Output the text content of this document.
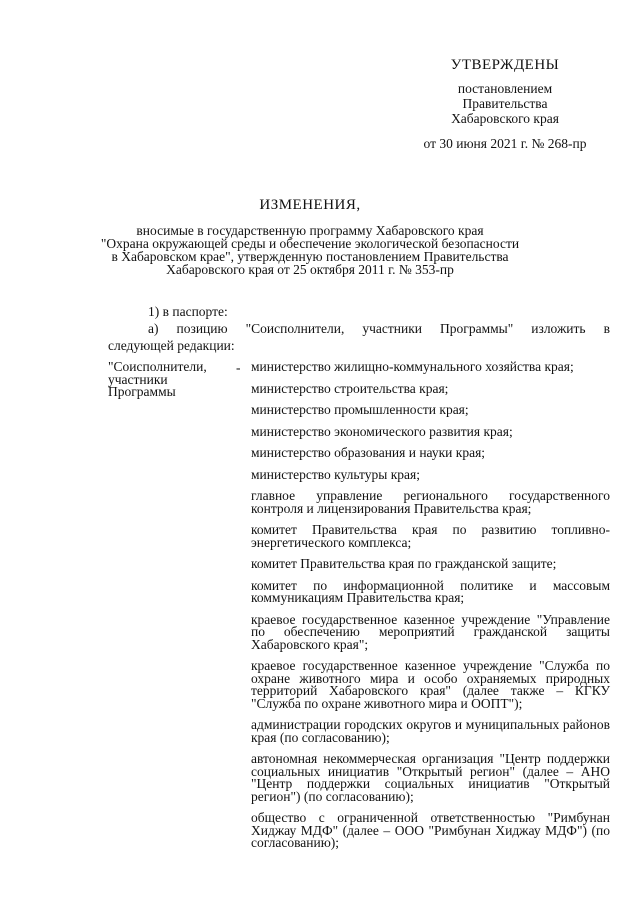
УТВЕРЖДЕНЫ
постановлением
Правительства
Хабаровского края
от 30 июня 2021 г. № 268-пр
ИЗМЕНЕНИЯ,
вносимые в государственную программу Хабаровского края
"Охрана окружающей среды и обеспечение экологической безопасности
в Хабаровском крае", утвержденную постановлением Правительства
Хабаровского края от 25 октября 2011 г. № 353-пр
1) в паспорте:
а) позицию "Соисполнители, участники Программы" изложить в
следующей редакции:
"Соисполнители,
участники
Программы
- министерство жилищно-коммунального хозяйства края;
министерство строительства края;
министерство промышленности края;
министерство экономического развития края;
министерство образования и науки края;
министерство культуры края;
главное управление регионального государственного контроля и лицензирования Правительства края;
комитет Правительства края по развитию топливно-энергетического комплекса;
комитет Правительства края по гражданской защите;
комитет по информационной политике и массовым коммуникациям Правительства края;
краевое государственное казенное учреждение "Управление по обеспечению мероприятий гражданской защиты Хабаровского края";
краевое государственное казенное учреждение "Служба по охране животного мира и особо охраняемых природных территорий Хабаровского края" (далее также – КГКУ "Служба по охране животного мира и ООПТ");
администрации городских округов и муниципальных районов края (по согласованию);
автономная некоммерческая организация "Центр поддержки социальных инициатив "Открытый регион" (далее – АНО "Центр поддержки социальных инициатив "Открытый регион") (по согласованию);
общество с ограниченной ответственностью "Римбунан Хиджау МДФ" (далее – ООО "Римбунан Хиджау МДФ") (по согласованию);
